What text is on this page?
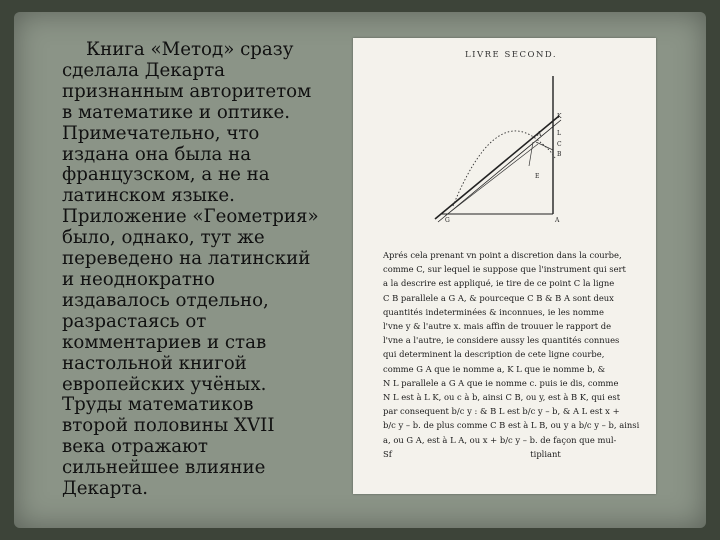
Книга «Метод» сразу
сделала Декарта
признанным авторитетом
в математике и оптике.
Примечательно, что
издана она была на
французском, а не на
латинском языке.
Приложение «Геометрия»
было, однако, тут же
переведено на латинский
и неоднократно
издавалось отдельно,
разрастаясь от
комментариев и став
настольной книгой
европейских учёных.
Труды математиков
второй половины XVII
века отражают
сильнейшее влияние
Декарта.

LIVRE SECOND.
K
A	L
C
B
E
G	A

Aprés cela prenant vn point a discretion dans la courbe,
comme C, sur lequel ie suppose que l'instrument qui sert
a la descrire est appliqué, ie tire de ce point C la ligne
C B parallele a G A, & pourceque C B & B A sont deux
quantités indeterminées & inconnues, ie les nomme
l'vne y & l'autre x. mais affin de trouuer le rapport de
l'vne a l'autre, ie considere aussy les quantités connues
qui determinent la description de cete ligne courbe,
comme G A que ie nomme a, K L que ie nomme b, &
N L parallele a G A que ie nomme c. puis ie dis, comme
N L est à L K, ou c à b, ainsi C B, ou y, est à B K, qui est
par consequent b/c y : & B L est b/c y – b, & A L est x +
b/c y – b. de plus comme C B est à L B, ou y a b/c y – b, ainsi
a, ou G A, est à L A, ou x + b/c y – b. de façon que mul-
Sf                                                    tipliant
